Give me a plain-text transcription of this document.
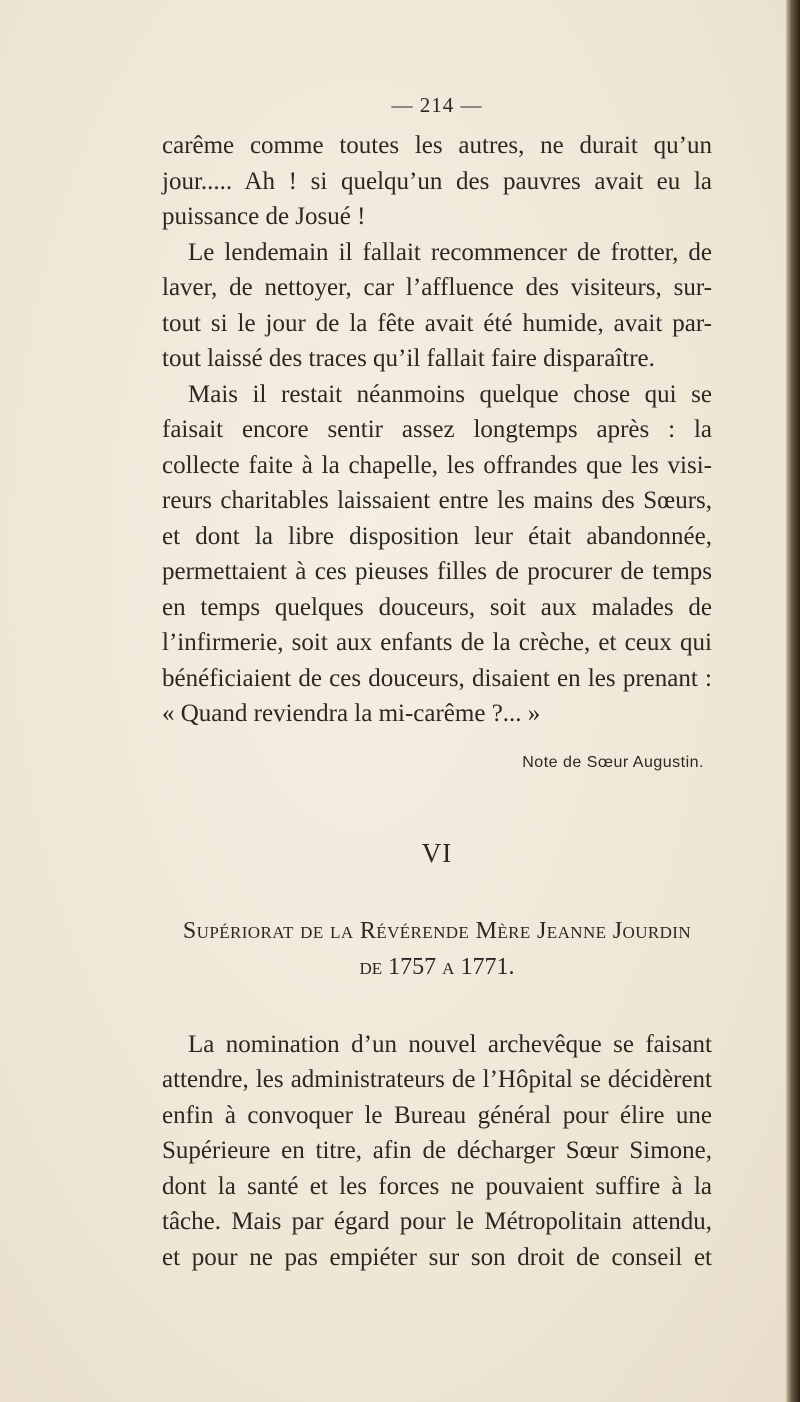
— 214 —
carême comme toutes les autres, ne durait qu’un
jour..... Ah ! si quelqu’un des pauvres avait eu la
puissance de Josué !
Le lendemain il fallait recommencer de frotter, de
laver, de nettoyer, car l’affluence des visiteurs, sur-
tout si le jour de la fête avait été humide, avait par-
tout laissé des traces qu’il fallait faire disparaître.
Mais il restait néanmoins quelque chose qui se
faisait encore sentir assez longtemps après : la
collecte faite à la chapelle, les offrandes que les visi-
reurs charitables laissaient entre les mains des Sœurs,
et dont la libre disposition leur était abandonnée,
permettaient à ces pieuses filles de procurer de temps
en temps quelques douceurs, soit aux malades de
l’infirmerie, soit aux enfants de la crèche, et ceux qui
bénéficiaient de ces douceurs, disaient en les prenant :
« Quand reviendra la mi-carême ?... »
Note de Sœur Augustin.
VI
Supériorat de la Révérende Mère Jeanne Jourdin
de 1757 a 1771.
La nomination d’un nouvel archevêque se faisant
attendre, les administrateurs de l’Hôpital se décidèrent
enfin à convoquer le Bureau général pour élire une
Supérieure en titre, afin de décharger Sœur Simone,
dont la santé et les forces ne pouvaient suffire à la
tâche. Mais par égard pour le Métropolitain attendu,
et pour ne pas empiéter sur son droit de conseil et
